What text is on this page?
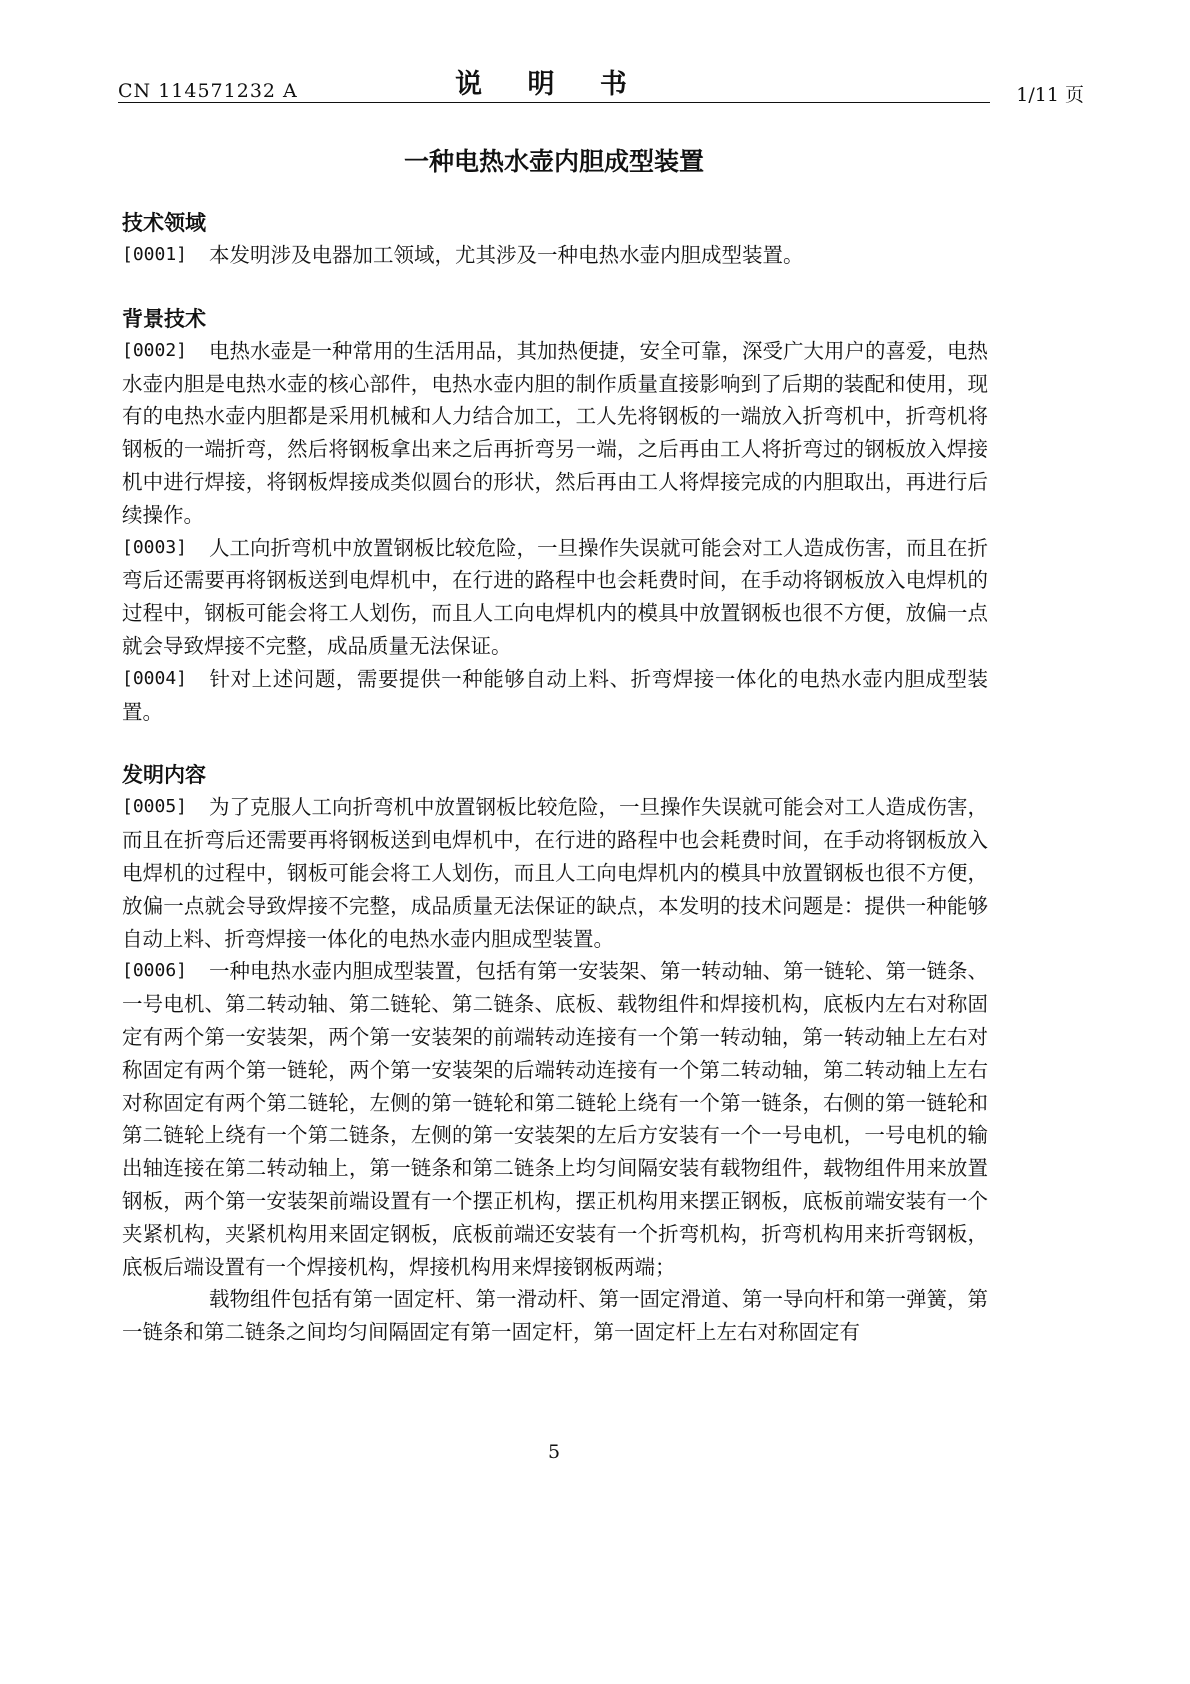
CN 114571232 A	说 明 书	1/11 页
一种电热水壶内胆成型装置
技术领域
[0001] 本发明涉及电器加工领域，尤其涉及一种电热水壶内胆成型装置。
背景技术
[0002] 电热水壶是一种常用的生活用品，其加热便捷，安全可靠，深受广大用户的喜爱，电热水壶内胆是电热水壶的核心部件，电热水壶内胆的制作质量直接影响到了后期的装配和使用，现有的电热水壶内胆都是采用机械和人力结合加工，工人先将钢板的一端放入折弯机中，折弯机将钢板的一端折弯，然后将钢板拿出来之后再折弯另一端，之后再由工人将折弯过的钢板放入焊接机中进行焊接，将钢板焊接成类似圆台的形状，然后再由工人将焊接完成的内胆取出，再进行后续操作。
[0003] 人工向折弯机中放置钢板比较危险，一旦操作失误就可能会对工人造成伤害，而且在折弯后还需要再将钢板送到电焊机中，在行进的路程中也会耗费时间，在手动将钢板放入电焊机的过程中，钢板可能会将工人划伤，而且人工向电焊机内的模具中放置钢板也很不方便，放偏一点就会导致焊接不完整，成品质量无法保证。
[0004] 针对上述问题，需要提供一种能够自动上料、折弯焊接一体化的电热水壶内胆成型装置。
发明内容
[0005] 为了克服人工向折弯机中放置钢板比较危险，一旦操作失误就可能会对工人造成伤害，而且在折弯后还需要再将钢板送到电焊机中，在行进的路程中也会耗费时间，在手动将钢板放入电焊机的过程中，钢板可能会将工人划伤，而且人工向电焊机内的模具中放置钢板也很不方便，放偏一点就会导致焊接不完整，成品质量无法保证的缺点，本发明的技术问题是：提供一种能够自动上料、折弯焊接一体化的电热水壶内胆成型装置。
[0006] 一种电热水壶内胆成型装置，包括有第一安装架、第一转动轴、第一链轮、第一链条、一号电机、第二转动轴、第二链轮、第二链条、底板、载物组件和焊接机构，底板内左右对称固定有两个第一安装架，两个第一安装架的前端转动连接有一个第一转动轴，第一转动轴上左右对称固定有两个第一链轮，两个第一安装架的后端转动连接有一个第二转动轴，第二转动轴上左右对称固定有两个第二链轮，左侧的第一链轮和第二链轮上绕有一个第一链条，右侧的第一链轮和第二链轮上绕有一个第二链条，左侧的第一安装架的左后方安装有一个一号电机，一号电机的输出轴连接在第二转动轴上，第一链条和第二链条上均匀间隔安装有载物组件，载物组件用来放置钢板，两个第一安装架前端设置有一个摆正机构，摆正机构用来摆正钢板，底板前端安装有一个夹紧机构，夹紧机构用来固定钢板，底板前端还安装有一个折弯机构，折弯机构用来折弯钢板，底板后端设置有一个焊接机构，焊接机构用来焊接钢板两端；
载物组件包括有第一固定杆、第一滑动杆、第一固定滑道、第一导向杆和第一弹簧，第一链条和第二链条之间均匀间隔固定有第一固定杆，第一固定杆上左右对称固定有
5
